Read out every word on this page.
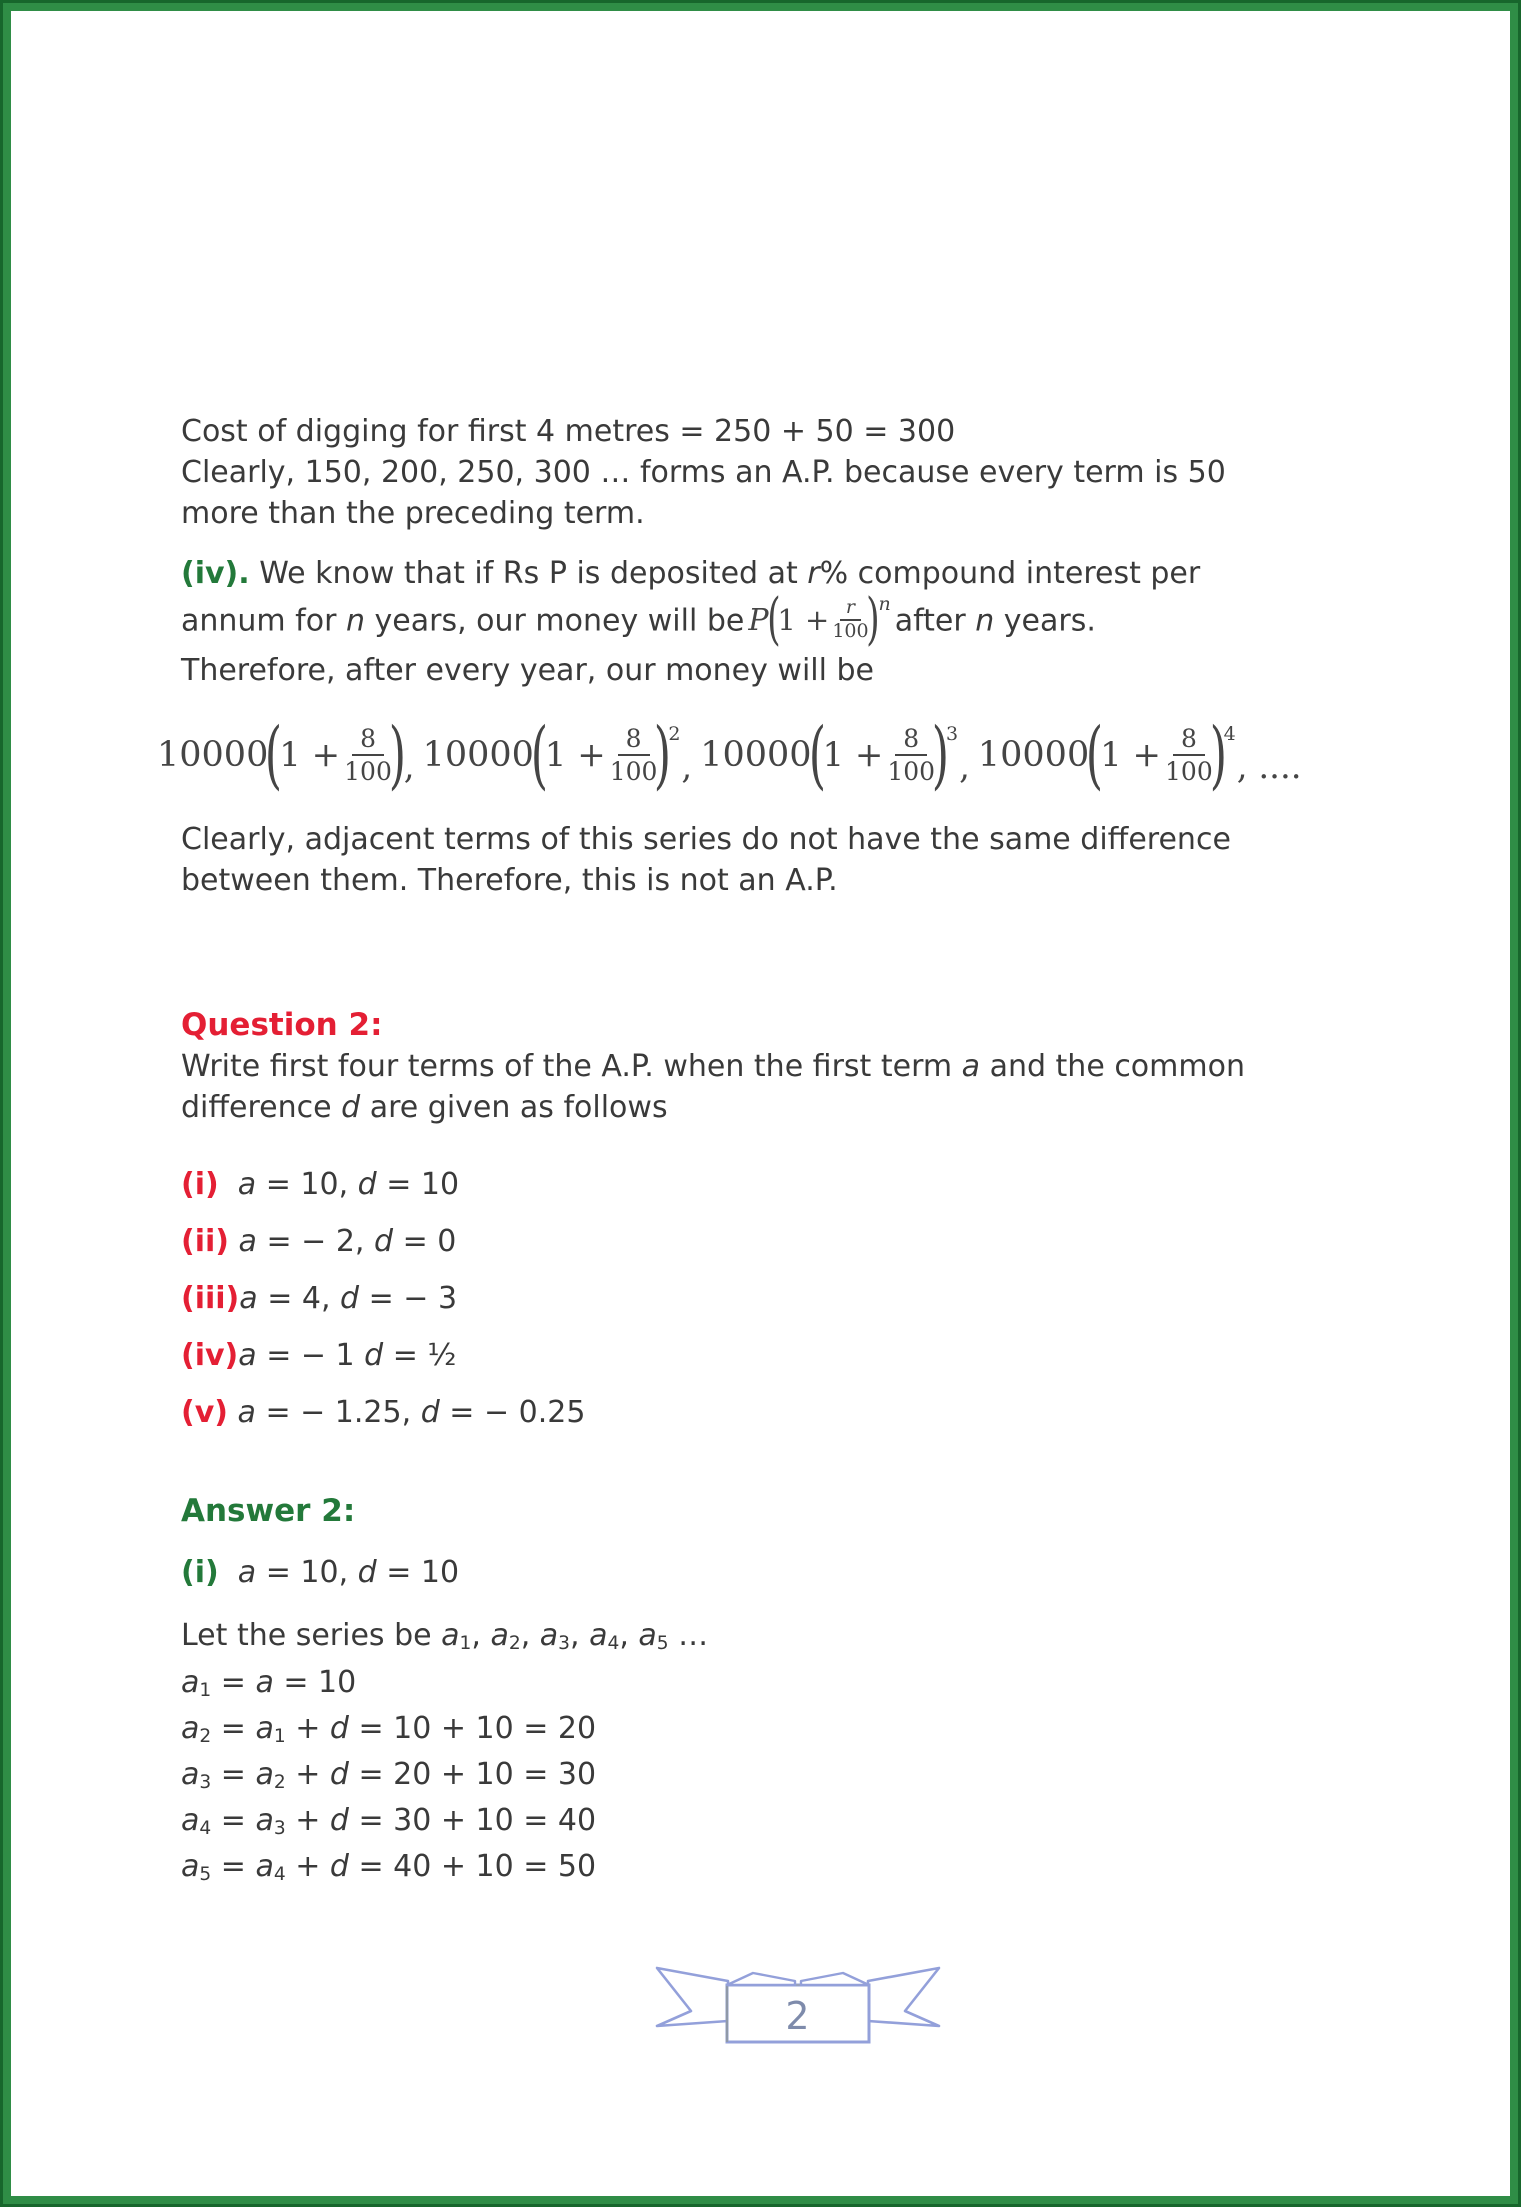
Cost of digging for first 4 metres = 250 + 50 = 300
Clearly, 150, 200, 250, 300 … forms an A.P. because every term is 50
more than the preceding term.
(iv). We know that if Rs P is deposited at r% compound interest per
annum for n years, our money will be P
(
$1 + \frac{r}{100}$
) n after n years.
Therefore, after every year, our money will be
10000
(
$1 + \frac{8}{100}$
)
, 10000
(
$1 + \frac{8}{100}$
)
2
, 10000
(
$1 + \frac{8}{100}$
)
3
, 10000
(
$1 + \frac{8}{100}$
)
4
, ....
Clearly, adjacent terms of this series do not have the same difference
between them. Therefore, this is not an A.P.
Question 2:
Write first four terms of the A.P. when the first term a and the common
difference d are given as follows
(i) a = 10, d = 10
(ii) a = − 2, d = 0
(iii)a = 4, d = − 3
(iv)a = − 1 d = ½
(v) a = − 1.25, d = − 0.25
Answer 2:
(i) a = 10, d = 10
Let the series be a1, a2, a3, a4, a5 …
a1 = a = 10
a2 = a1 + d = 10 + 10 = 20
a3 = a2 + d = 20 + 10 = 30
a4 = a3 + d = 30 + 10 = 40
a5 = a4 + d = 40 + 10 = 50
2
